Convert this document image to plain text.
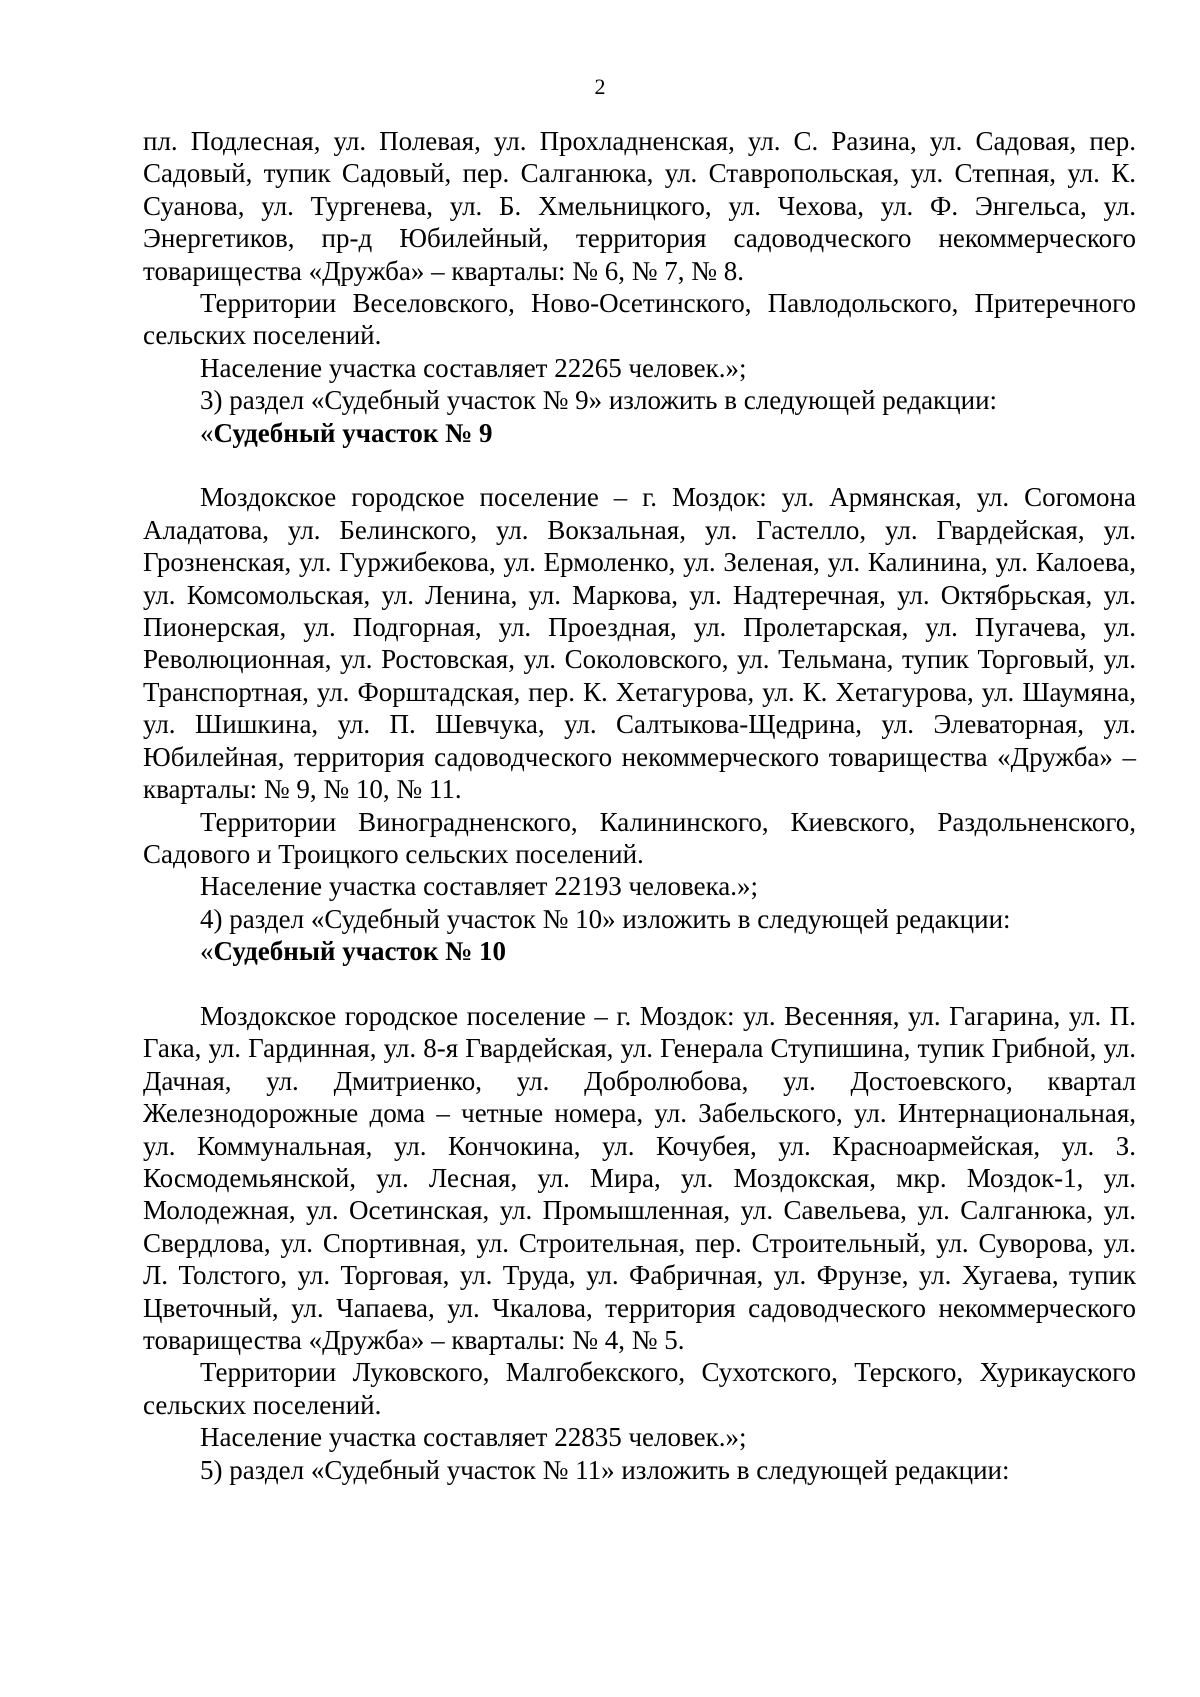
2

пл. Подлесная, ул. Полевая, ул. Прохладненская, ул. С. Разина, ул. Садовая, пер. Садовый, тупик Садовый, пер. Салганюка, ул. Ставропольская, ул. Степная, ул. К. Суанова, ул. Тургенева, ул. Б. Хмельницкого, ул. Чехова, ул. Ф. Энгельса, ул. Энергетиков, пр-д Юбилейный, территория садоводческого некоммерческого товарищества «Дружба» – кварталы: № 6, № 7, № 8.

Территории Веселовского, Ново-Осетинского, Павлодольского, Притеречного сельских поселений.

Население участка составляет 22265 человек.»;

3) раздел «Судебный участок № 9» изложить в следующей редакции:

«Судебный участок № 9

Моздокское городское поселение – г. Моздок: ул. Армянская, ул. Согомона Аладатова, ул. Белинского, ул. Вокзальная, ул. Гастелло, ул. Гвардейская, ул. Грозненская, ул. Гуржибекова, ул. Ермоленко, ул. Зеленая, ул. Калинина, ул. Калоева, ул. Комсомольская, ул. Ленина, ул. Маркова, ул. Надтеречная, ул. Октябрьская, ул. Пионерская, ул. Подгорная, ул. Проездная, ул. Пролетарская, ул. Пугачева, ул. Революционная, ул. Ростовская, ул. Соколовского, ул. Тельмана, тупик Торговый, ул. Транспортная, ул. Форштадская, пер. К. Хетагурова, ул. К. Хетагурова, ул. Шаумяна, ул. Шишкина, ул. П. Шевчука, ул. Салтыкова-Щедрина, ул. Элеваторная, ул. Юбилейная, территория садоводческого некоммерческого товарищества «Дружба» – кварталы: № 9, № 10, № 11.

Территории Виноградненского, Калининского, Киевского, Раздольненского, Садового и Троицкого сельских поселений.

Население участка составляет 22193 человека.»;

4) раздел «Судебный участок № 10» изложить в следующей редакции:

«Судебный участок № 10

Моздокское городское поселение – г. Моздок: ул. Весенняя, ул. Гагарина, ул. П. Гака, ул. Гардинная, ул. 8-я Гвардейская, ул. Генерала Ступишина, тупик Грибной, ул. Дачная, ул. Дмитриенко, ул. Добролюбова, ул. Достоевского, квартал Железнодорожные дома – четные номера, ул. Забельского, ул. Интернациональная, ул. Коммунальная, ул. Кончокина, ул. Кочубея, ул. Красноармейская, ул. З. Космодемьянской, ул. Лесная, ул. Мира, ул. Моздокская, мкр. Моздок-1, ул. Молодежная, ул. Осетинская, ул. Промышленная, ул. Савельева, ул. Салганюка, ул. Свердлова, ул. Спортивная, ул. Строительная, пер. Строительный, ул. Суворова, ул. Л. Толстого, ул. Торговая, ул. Труда, ул. Фабричная, ул. Фрунзе, ул. Хугаева, тупик Цветочный, ул. Чапаева, ул. Чкалова, территория садоводческого некоммерческого товарищества «Дружба» – кварталы: № 4, № 5.

Территории Луковского, Малгобекского, Сухотского, Терского, Хурикауского сельских поселений.

Население участка составляет 22835 человек.»;

5) раздел «Судебный участок № 11» изложить в следующей редакции:
